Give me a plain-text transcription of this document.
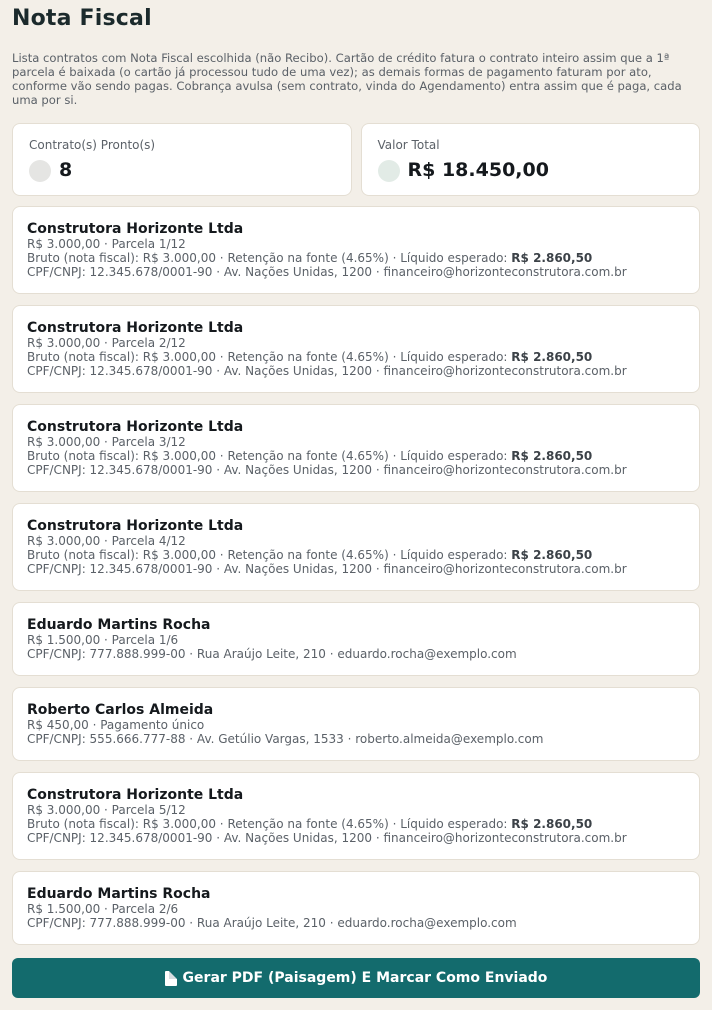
Nota Fiscal

Lista contratos com Nota Fiscal escolhida (não Recibo). Cartão de crédito fatura o contrato inteiro assim que a 1ª parcela é baixada (o cartão já processou tudo de uma vez); as demais formas de pagamento faturam por ato, conforme vão sendo pagas. Cobrança avulsa (sem contrato, vinda do Agendamento) entra assim que é paga, cada uma por si.

Contrato(s) Pronto(s)
8
Valor Total
R$ 18.450,00
Construtora Horizonte Ltda
R$ 3.000,00 · Parcela 1/12
Bruto (nota fiscal): R$ 3.000,00 · Retenção na fonte (4.65%) · Líquido esperado: R$ 2.860,50
CPF/CNPJ: 12.345.678/0001-90 · Av. Nações Unidas, 1200 · financeiro@horizonteconstrutora.com.br
Construtora Horizonte Ltda
R$ 3.000,00 · Parcela 2/12
Bruto (nota fiscal): R$ 3.000,00 · Retenção na fonte (4.65%) · Líquido esperado: R$ 2.860,50
CPF/CNPJ: 12.345.678/0001-90 · Av. Nações Unidas, 1200 · financeiro@horizonteconstrutora.com.br
Construtora Horizonte Ltda
R$ 3.000,00 · Parcela 3/12
Bruto (nota fiscal): R$ 3.000,00 · Retenção na fonte (4.65%) · Líquido esperado: R$ 2.860,50
CPF/CNPJ: 12.345.678/0001-90 · Av. Nações Unidas, 1200 · financeiro@horizonteconstrutora.com.br
Construtora Horizonte Ltda
R$ 3.000,00 · Parcela 4/12
Bruto (nota fiscal): R$ 3.000,00 · Retenção na fonte (4.65%) · Líquido esperado: R$ 2.860,50
CPF/CNPJ: 12.345.678/0001-90 · Av. Nações Unidas, 1200 · financeiro@horizonteconstrutora.com.br
Eduardo Martins Rocha
R$ 1.500,00 · Parcela 1/6
CPF/CNPJ: 777.888.999-00 · Rua Araújo Leite, 210 · eduardo.rocha@exemplo.com
Roberto Carlos Almeida
R$ 450,00 · Pagamento único
CPF/CNPJ: 555.666.777-88 · Av. Getúlio Vargas, 1533 · roberto.almeida@exemplo.com
Construtora Horizonte Ltda
R$ 3.000,00 · Parcela 5/12
Bruto (nota fiscal): R$ 3.000,00 · Retenção na fonte (4.65%) · Líquido esperado: R$ 2.860,50
CPF/CNPJ: 12.345.678/0001-90 · Av. Nações Unidas, 1200 · financeiro@horizonteconstrutora.com.br
Eduardo Martins Rocha
R$ 1.500,00 · Parcela 2/6
CPF/CNPJ: 777.888.999-00 · Rua Araújo Leite, 210 · eduardo.rocha@exemplo.com
Gerar PDF (Paisagem) E Marcar Como Enviado
